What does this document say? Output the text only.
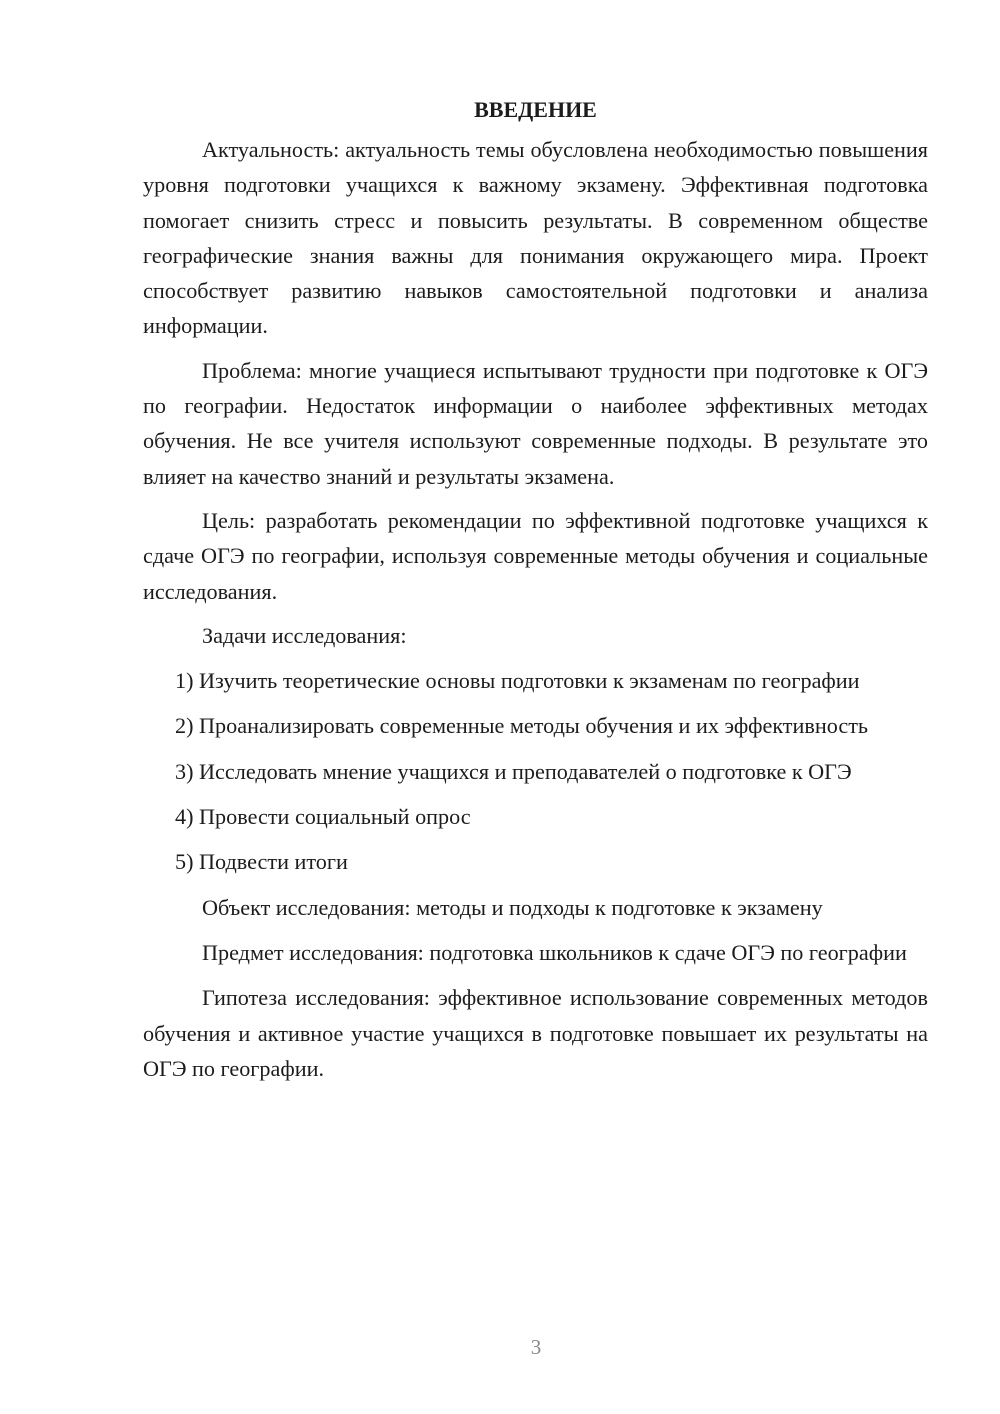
ВВЕДЕНИЕ

Актуальность: актуальность темы обусловлена необходимостью повышения уровня подготовки учащихся к важному экзамену. Эффективная подготовка помогает снизить стресс и повысить результаты. В современном обществе географические знания важны для понимания окружающего мира. Проект способствует развитию навыков самостоятельной подготовки и анализа информации.

Проблема: многие учащиеся испытывают трудности при подготовке к ОГЭ по географии. Недостаток информации о наиболее эффективных методах обучения. Не все учителя используют современные подходы. В результате это влияет на качество знаний и результаты экзамена.

Цель: разработать рекомендации по эффективной подготовке учащихся к сдаче ОГЭ по географии, используя современные методы обучения и социальные исследования.

Задачи исследования:

1) Изучить теоретические основы подготовки к экзаменам по географии

2) Проанализировать современные методы обучения и их эффективность

3) Исследовать мнение учащихся и преподавателей о подготовке к ОГЭ

4) Провести социальный опрос

5) Подвести итоги

Объект исследования: методы и подходы к подготовке к экзамену

Предмет исследования: подготовка школьников к сдаче ОГЭ по географии

Гипотеза исследования: эффективное использование современных методов обучения и активное участие учащихся в подготовке повышает их результаты на ОГЭ по географии.

3
